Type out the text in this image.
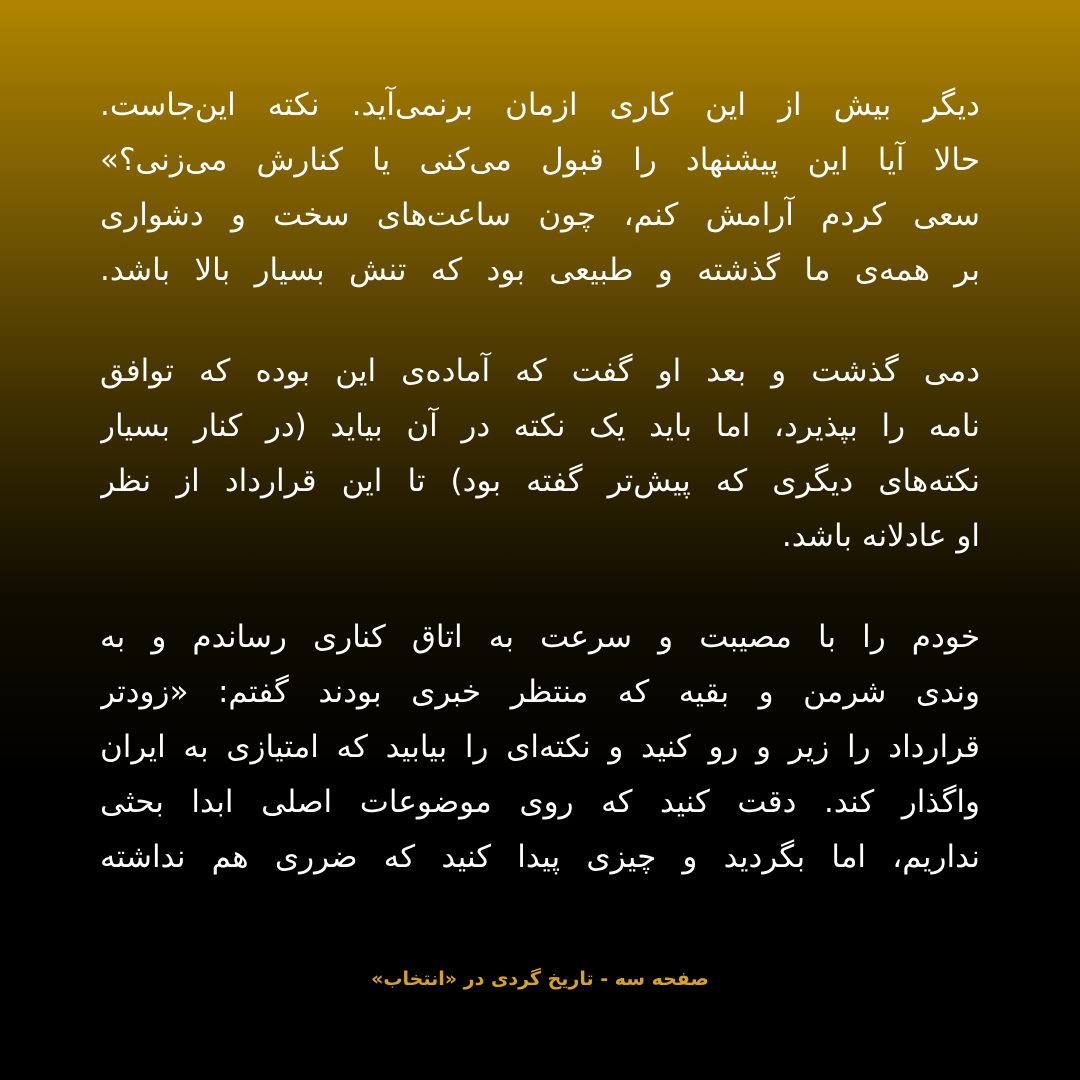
دیگر بیش از این کاری ازمان برنمی‌آید. نکته این‌جاست.
حالا آیا این پیشنهاد را قبول می‌کنی یا کنارش می‌زنی؟»
سعی کردم آرامش کنم، چون ساعت‌های سخت و دشواری
بر همه‌ی ما گذشته و طبیعی بود که تنش بسیار بالا باشد.
دمی گذشت و بعد او گفت که آماده‌ی این بوده که توافق
نامه را بپذیرد، اما باید یک نکته در آن بیاید (در کنار بسیار
نکته‌های دیگری که پیش‌تر گفته بود) تا این قرارداد از نظر
او عادلانه باشد.
خودم را با مصیبت و سرعت به اتاق کناری رساندم و به
وندی شرمن و بقیه که منتظر خبری بودند گفتم: «زودتر
قرارداد را زیر و رو کنید و نکته‌ای را بیابید که امتیازی به ایران
واگذار کند. دقت کنید که روی موضوعات اصلی ابدا بحثی
نداریم، اما بگردید و چیزی پیدا کنید که ضرری هم نداشته
صفحه سه - تاریخ گردی در «انتخاب»
